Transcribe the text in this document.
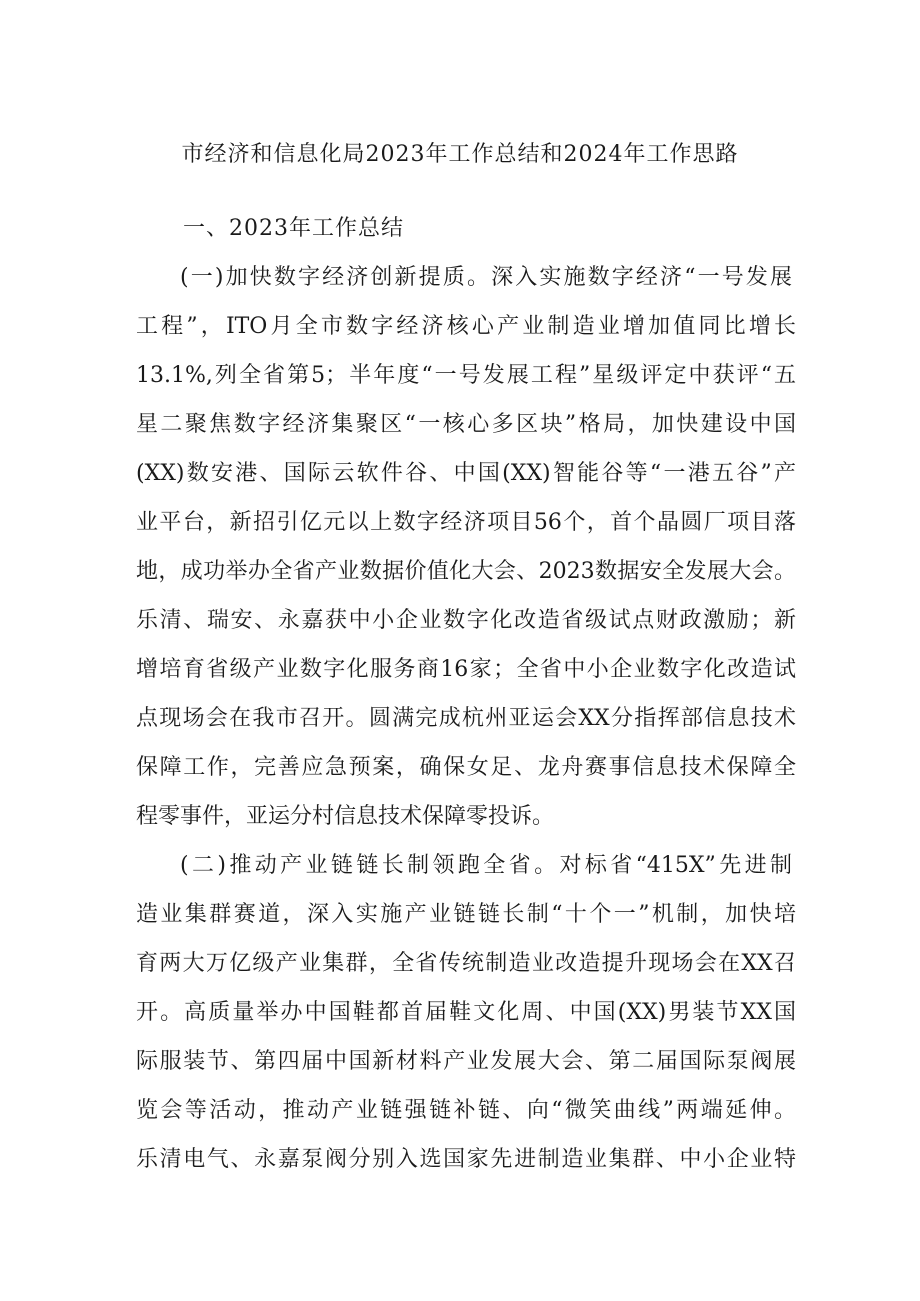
市经济和信息化局2023年工作总结和2024年工作思路
一、2023年工作总结
(一)加快数字经济创新提质。深入实施数字经济“一号发展
工程”，ITO月全市数字经济核心产业制造业增加值同比增长
13.1%,列全省第5；半年度“一号发展工程”星级评定中获评“五
星二聚焦数字经济集聚区“一核心多区块”格局，加快建设中国
(XX)数安港、国际云软件谷、中国(XX)智能谷等“一港五谷”产
业平台，新招引亿元以上数字经济项目56个，首个晶圆厂项目落
地，成功举办全省产业数据价值化大会、2023数据安全发展大会。
乐清、瑞安、永嘉获中小企业数字化改造省级试点财政激励；新
增培育省级产业数字化服务商16家；全省中小企业数字化改造试
点现场会在我市召开。圆满完成杭州亚运会XX分指挥部信息技术
保障工作，完善应急预案，确保女足、龙舟赛事信息技术保障全
程零事件，亚运分村信息技术保障零投诉。
(二)推动产业链链长制领跑全省。对标省“415X”先进制
造业集群赛道，深入实施产业链链长制“十个一”机制，加快培
育两大万亿级产业集群，全省传统制造业改造提升现场会在XX召
开。高质量举办中国鞋都首届鞋文化周、中国(XX)男装节XX国
际服装节、第四届中国新材料产业发展大会、第二届国际泵阀展
览会等活动，推动产业链强链补链、向“微笑曲线”两端延伸。
乐清电气、永嘉泵阀分别入选国家先进制造业集群、中小企业特
